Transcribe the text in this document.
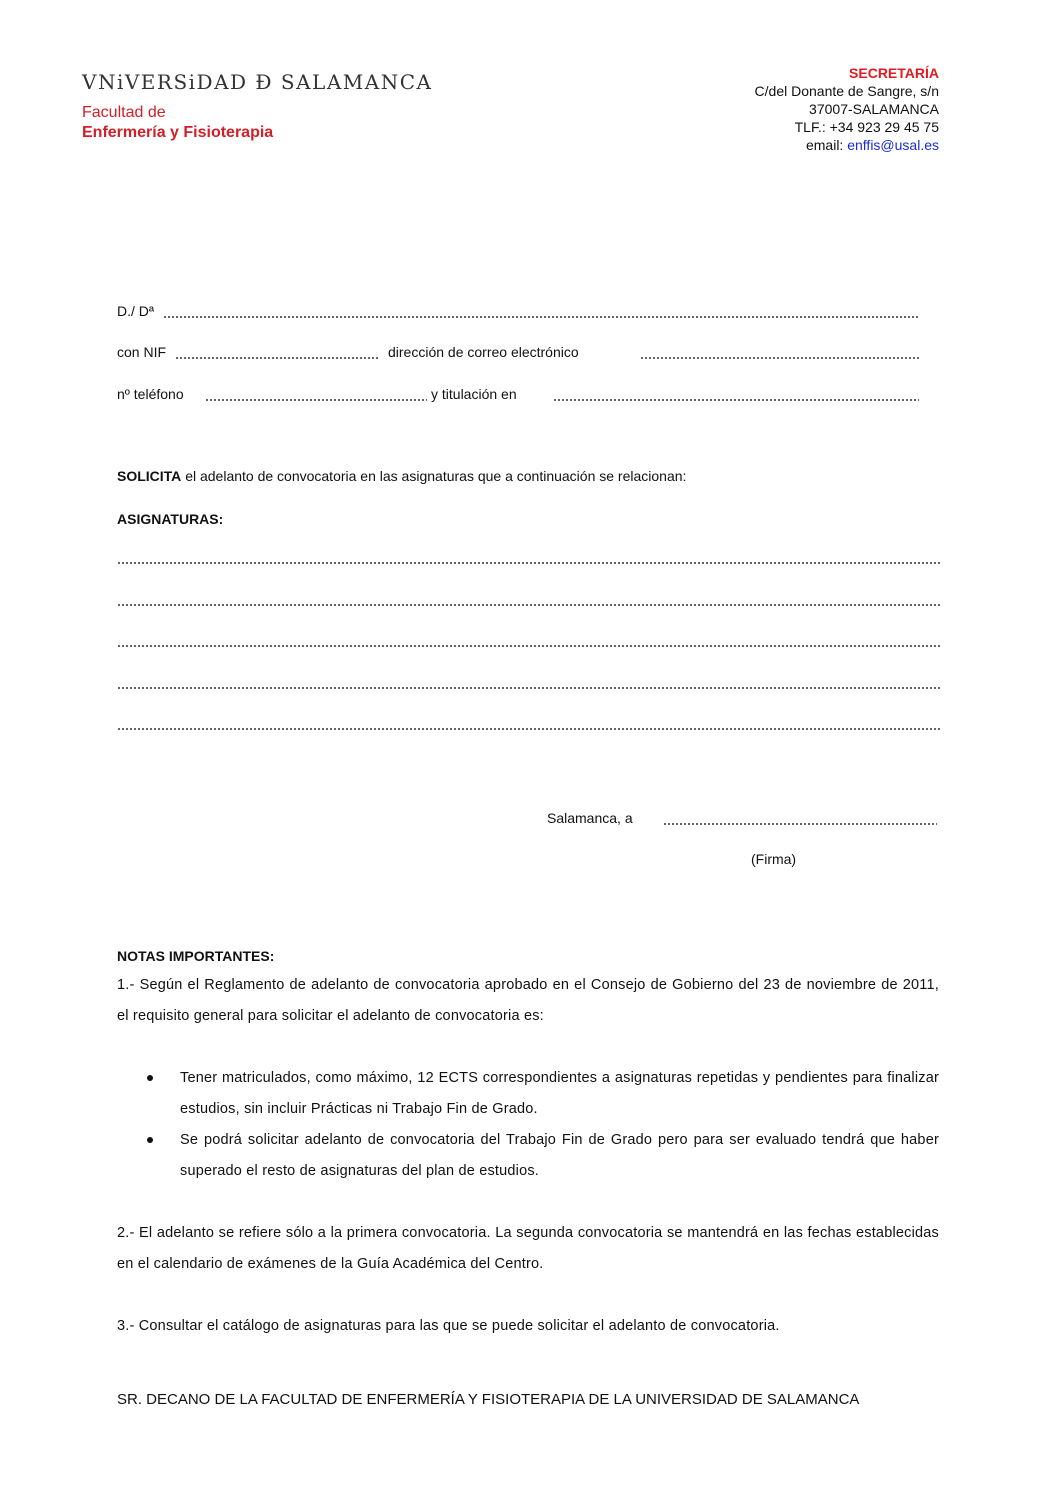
VNiVERSiDAD Ð SALAMANCA
Facultad de
Enfermería y Fisioterapia
SECRETARÍA
C/del Donante de Sangre, s/n
37007-SALAMANCA
TLF.: +34 923 29 45 75
email: enffis@usal.es
D./ Dª
con NIF	dirección de correo electrónico
nº teléfono	y titulación en
SOLICITA el adelanto de convocatoria en las asignaturas que a continuación se relacionan:
ASIGNATURAS:
Salamanca, a
(Firma)
NOTAS IMPORTANTES:
1.- Según el Reglamento de adelanto de convocatoria aprobado en el Consejo de Gobierno del 23 de noviembre de 2011, el requisito general para solicitar el adelanto de convocatoria es:
Tener matriculados, como máximo, 12 ECTS correspondientes a asignaturas repetidas y pendientes para finalizar estudios, sin incluir Prácticas ni Trabajo Fin de Grado.
Se podrá solicitar adelanto de convocatoria del Trabajo Fin de Grado pero para ser evaluado tendrá que haber superado el resto de asignaturas del plan de estudios.
2.- El adelanto se refiere sólo a la primera convocatoria. La segunda convocatoria se mantendrá en las fechas establecidas en el calendario de exámenes de la Guía Académica del Centro.
3.- Consultar el catálogo de asignaturas para las que se puede solicitar el adelanto de convocatoria.
SR. DECANO DE LA FACULTAD DE ENFERMERÍA Y FISIOTERAPIA DE LA UNIVERSIDAD DE SALAMANCA
